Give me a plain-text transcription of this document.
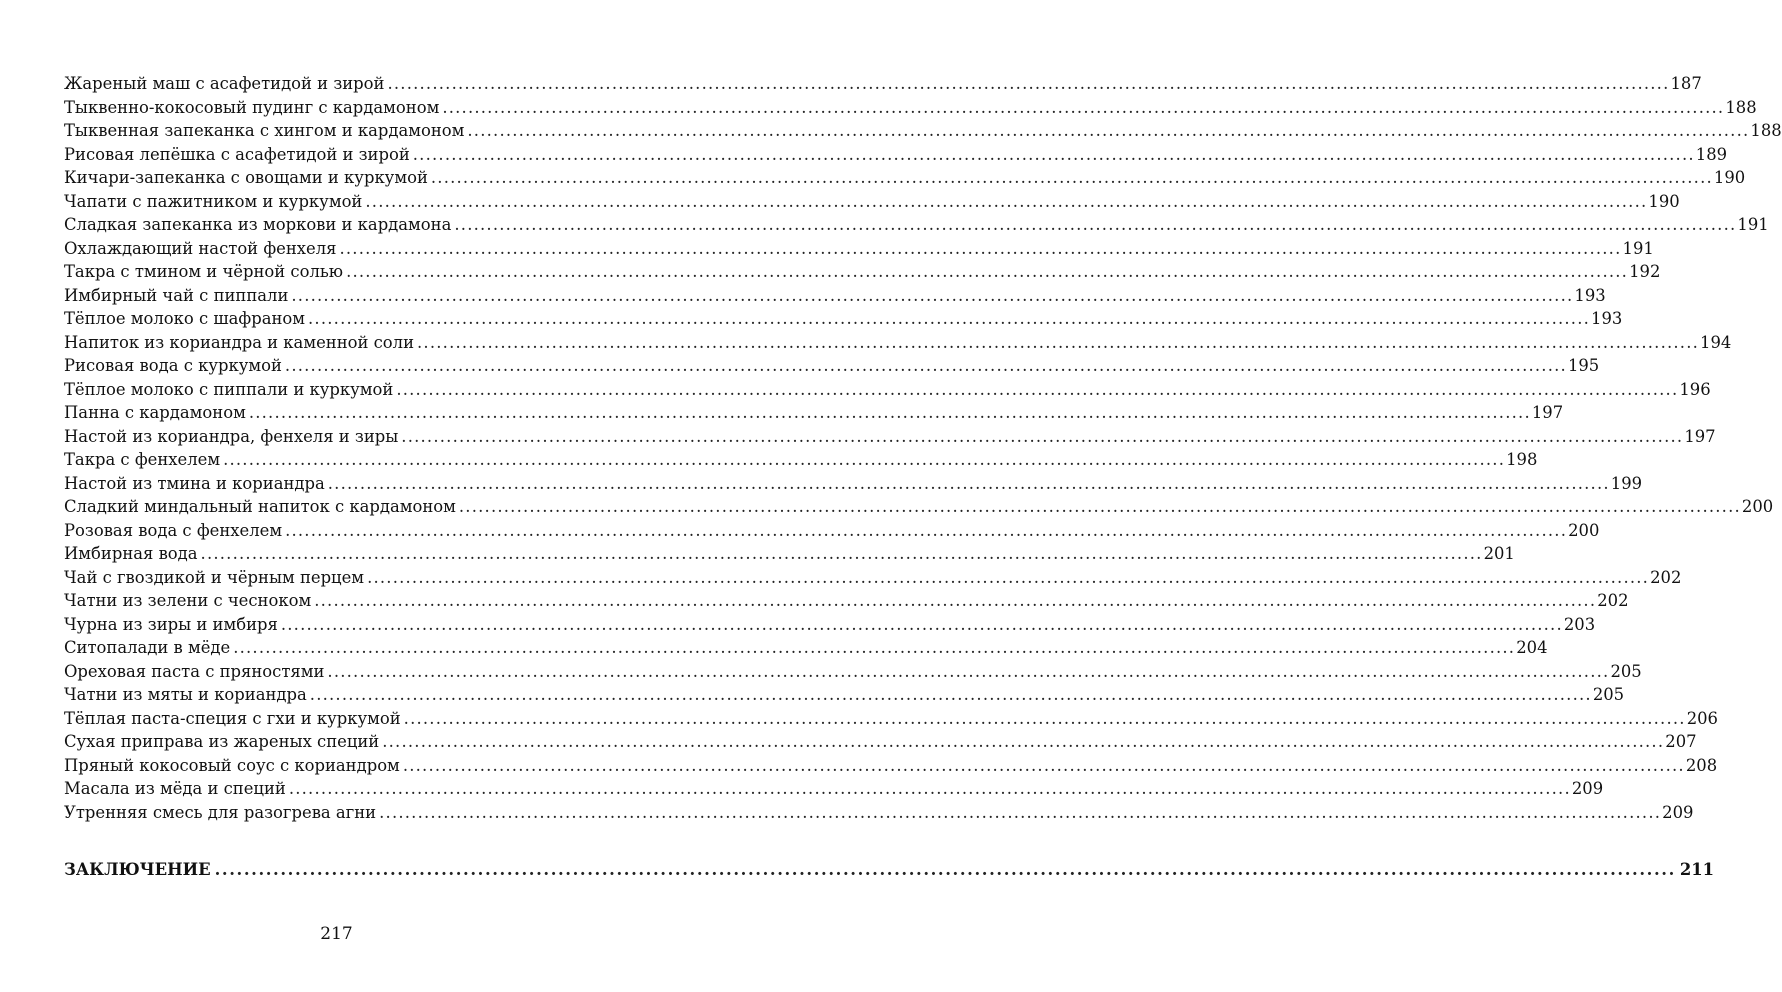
Жареный маш с асафетидой и зирой ........................................................................................................................................................................................................ 187
Тыквенно-кокосовый пудинг с кардамоном ........................................................................................................................................................................................................ 188
Тыквенная запеканка с хингом и кардамоном ........................................................................................................................................................................................................ 188
Рисовая лепёшка с асафетидой и зирой ........................................................................................................................................................................................................ 189
Кичари-запеканка с овощами и куркумой ........................................................................................................................................................................................................ 190
Чапати с пажитником и куркумой ........................................................................................................................................................................................................ 190
Сладкая запеканка из моркови и кардамона ........................................................................................................................................................................................................ 191
Охлаждающий настой фенхеля ........................................................................................................................................................................................................ 191
Такра с тмином и чёрной солью ........................................................................................................................................................................................................ 192
Имбирный чай с пиппали ........................................................................................................................................................................................................ 193
Тёплое молоко с шафраном ........................................................................................................................................................................................................ 193
Напиток из кориандра и каменной соли ........................................................................................................................................................................................................ 194
Рисовая вода с куркумой ........................................................................................................................................................................................................ 195
Тёплое молоко с пиппали и куркумой ........................................................................................................................................................................................................ 196
Панна с кардамоном ........................................................................................................................................................................................................ 197
Настой из кориандра, фенхеля и зиры ........................................................................................................................................................................................................ 197
Такра с фенхелем ........................................................................................................................................................................................................ 198
Настой из тмина и кориандра ........................................................................................................................................................................................................ 199
Сладкий миндальный напиток с кардамоном ........................................................................................................................................................................................................ 200
Розовая вода с фенхелем ........................................................................................................................................................................................................ 200
Имбирная вода ........................................................................................................................................................................................................ 201
Чай с гвоздикой и чёрным перцем ........................................................................................................................................................................................................ 202
Чатни из зелени с чесноком ........................................................................................................................................................................................................ 202
Чурна из зиры и имбиря ........................................................................................................................................................................................................ 203
Ситопалади в мёде ........................................................................................................................................................................................................ 204
Ореховая паста с пряностями ........................................................................................................................................................................................................ 205
Чатни из мяты и кориандра ........................................................................................................................................................................................................ 205
Тёплая паста-специя с гхи и куркумой ........................................................................................................................................................................................................ 206
Сухая приправа из жареных специй ........................................................................................................................................................................................................ 207
Пряный кокосовый соус с кориандром ........................................................................................................................................................................................................ 208
Масала из мёда и специй ........................................................................................................................................................................................................ 209
Утренняя смесь для разогрева агни ........................................................................................................................................................................................................ 209
ЗАКЛЮЧЕНИЕ ........................................................................................................................................................................................................ 211
217
